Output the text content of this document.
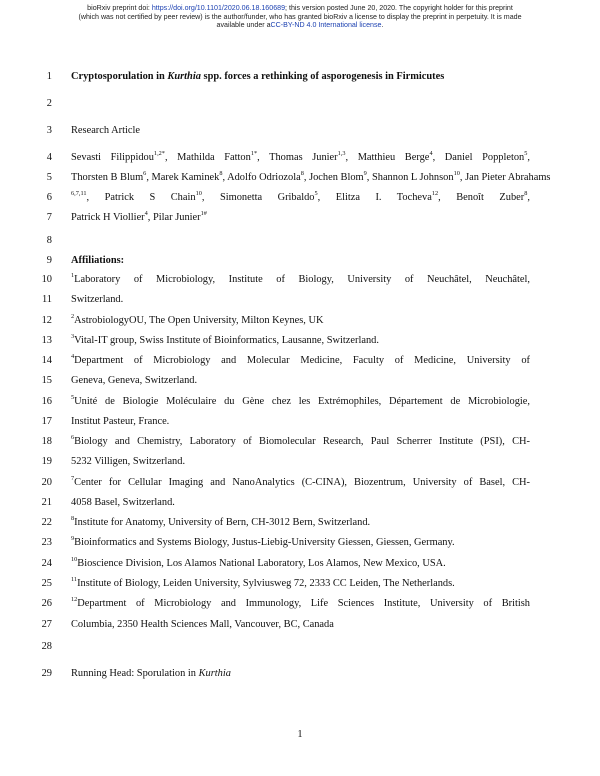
bioRxiv preprint doi: https://doi.org/10.1101/2020.06.18.160689; this version posted June 20, 2020. The copyright holder for this preprint
(which was not certified by peer review) is the author/funder, who has granted bioRxiv a license to display the preprint in perpetuity. It is made
available under aCC-BY-ND 4.0 International license.
1 Cryptosporulation in Kurthia spp. forces a rethinking of asporogenesis in Firmicutes
2
3 Research Article
4 Sevasti Filippidou$^{1,2*}$, Mathilda Fatton$^{1*}$, Thomas Junier$^{1,3}$, Matthieu Berge$^4$, Daniel Poppleton$^5$,
5 Thorsten B Blum$^6$, Marek Kaminek$^8$, Adolfo Odriozola$^8$, Jochen Blom$^9$, Shannon L Johnson$^{10}$, Jan Pieter Abrahams
6	$^{6,7,11}$, Patrick S Chain$^{10}$, Simonetta Gribaldo$^5$, Elitza I. Tocheva$^{12}$, Benoît Zuber$^8$,
7 Patrick H Viollier$^4$, Pilar Junier$^{1\#}$
8
9 Affiliations:
10	$^1$Laboratory of Microbiology, Institute of Biology, University of Neuchâtel, Neuchâtel,
11 Switzerland.
12	$^2$AstrobiologyOU, The Open University, Milton Keynes, UK
13	$^3$Vital-IT group, Swiss Institute of Bioinformatics, Lausanne, Switzerland.
14	$^4$Department of Microbiology and Molecular Medicine, Faculty of Medicine, University of
15 Geneva, Geneva, Switzerland.
16	$^5$Unité de Biologie Moléculaire du Gène chez les Extrémophiles, Département de Microbiologie,
17 Institut Pasteur, France.
18	$^6$Biology and Chemistry, Laboratory of Biomolecular Research, Paul Scherrer Institute (PSI), CH-
19 5232 Villigen, Switzerland.
20	$^7$Center for Cellular Imaging and NanoAnalytics (C-CINA), Biozentrum, University of Basel, CH-
21 4058 Basel, Switzerland.
22	$^8$Institute for Anatomy, University of Bern, CH-3012 Bern, Switzerland.
23	$^9$Bioinformatics and Systems Biology, Justus-Liebig-University Giessen, Giessen, Germany.
24	$^{10}$Bioscience Division, Los Alamos National Laboratory, Los Alamos, New Mexico, USA.
25	$^{11}$Institute of Biology, Leiden University, Sylviusweg 72, 2333 CC Leiden, The Netherlands.
26	$^{12}$Department of Microbiology and Immunology, Life Sciences Institute, University of British
27 Columbia, 2350 Health Sciences Mall, Vancouver, BC, Canada
28
29 Running Head: Sporulation in Kurthia
1
